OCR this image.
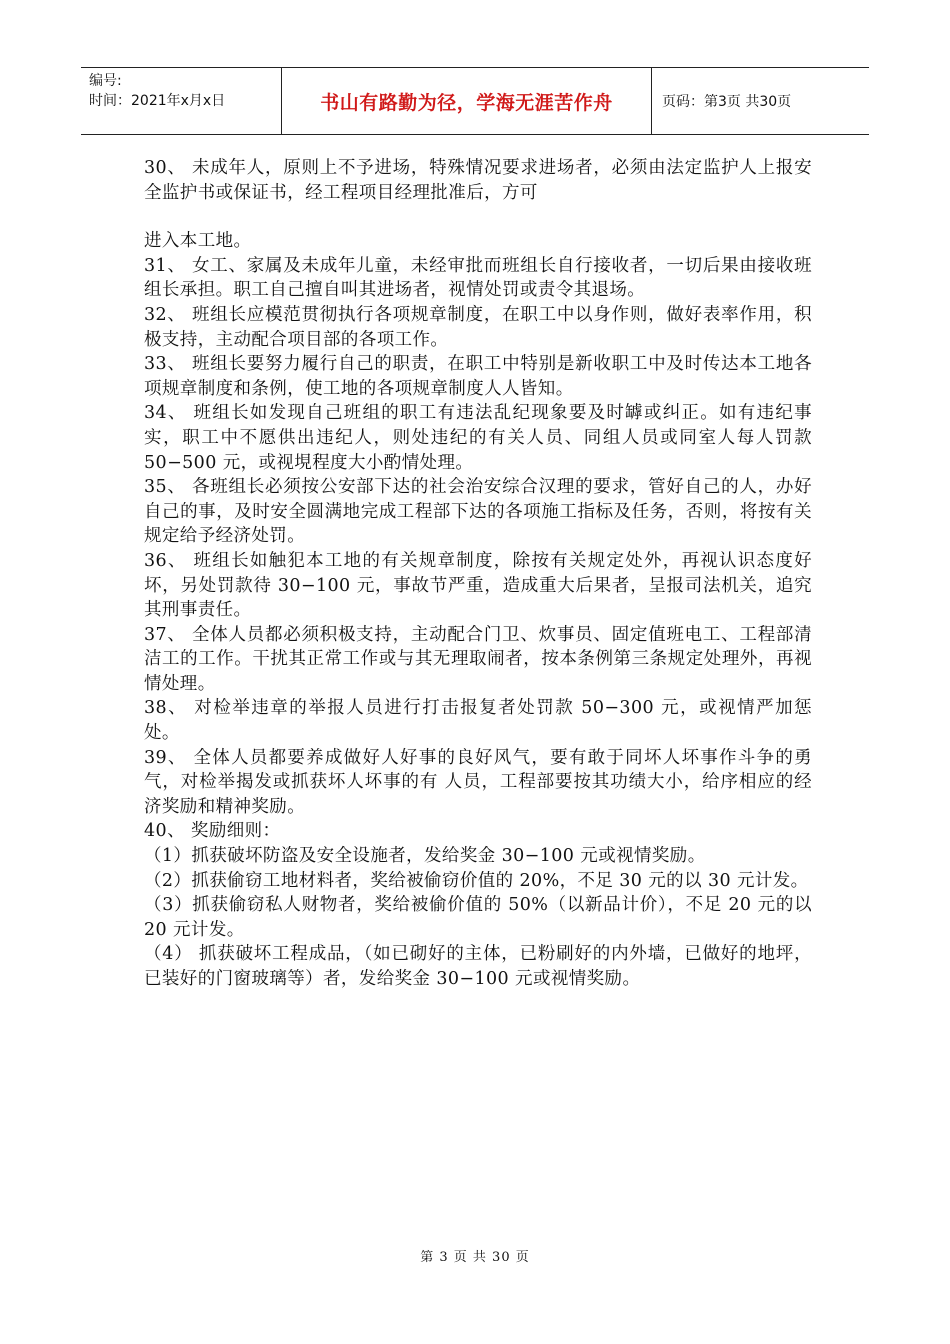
编号:
时间：2021年x月x日	书山有路勤为径，学海无涯苦作舟	页码：第3页 共30页

30、 未成年人，原则上不予进场，特殊情况要求进场者，必须由法定监护人上报安全监护书或保证书，经工程项目经理批准后，方可

进入本工地。

31、 女工、家属及未成年儿童，未经审批而班组长自行接收者，一切后果由接收班组长承担。职工自己擅自叫其进场者，视情处罚或责令其退场。

32、 班组长应模范贯彻执行各项规章制度，在职工中以身作则，做好表率作用，积极支持，主动配合项目部的各项工作。

33、 班组长要努力履行自己的职责，在职工中特别是新收职工中及时传达本工地各项规章制度和条例，使工地的各项规章制度人人皆知。

34、 班组长如发现自己班组的职工有违法乱纪现象要及时罅或纠正。如有违纪事实，职工中不愿供出违纪人，则处违纪的有关人员、同组人员或同室人每人罚款 50−500 元，或视垷程度大小酌情处理。

35、 各班组长必须按公安部下达的社会治安综合汉理的要求，管好自己的人，办好自己的事，及时安全圆满地完成工程部下达的各项施工指标及任务，否则，将按有关规定给予经济处罚。

36、 班组长如触犯本工地的有关规章制度，除按有关规定处外，再视认识态度好坏，另处罚款待 30−100 元，事故节严重，造成重大后果者，呈报司法机关，追究其刑事责任。

37、 全体人员都必须积极支持，主动配合门卫、炊事员、固定值班电工、工程部清洁工的工作。干扰其正常工作或与其无理取闹者，按本条例第三条规定处理外，再视情处理。

38、 对检举违章的举报人员进行打击报复者处罚款 50−300 元，或视情严加惩处。

39、 全体人员都要养成做好人好事的良好风气，要有敢于同坏人坏事作斗争的勇气，对检举揭发或抓获坏人坏事的有 人员，工程部要按其功绩大小，给序相应的经济奖励和精神奖励。

40、 奖励细则：

（1）抓获破坏防盗及安全设施者，发给奖金 30−100 元或视情奖励。

（2）抓获偷窃工地材料者，奖给被偷窃价值的 20%，不足 30 元的以 30 元计发。

（3）抓获偷窃私人财物者，奖给被偷价值的 50%（以新品计价），不足 20 元的以 20 元计发。

（4） 抓获破坏工程成品，（如已砌好的主体，已粉刷好的内外墙，已做好的地坪，已装好的门窗玻璃等）者，发给奖金 30−100 元或视情奖励。

第 3 页 共 30 页
